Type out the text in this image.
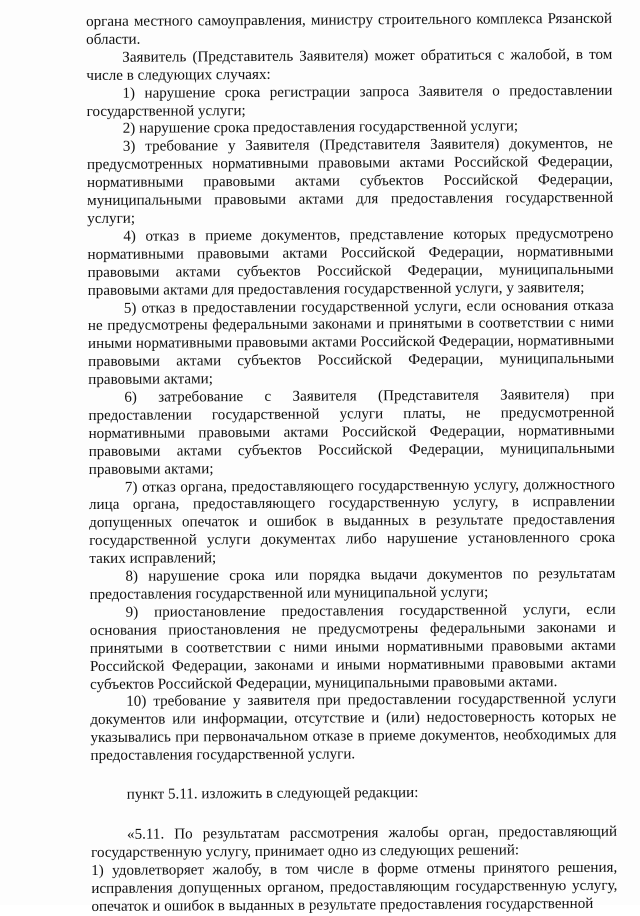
органа местного самоуправления, министру строительного комплекса Рязанской области.

Заявитель (Представитель Заявителя) может обратиться с жалобой, в том числе в следующих случаях:

1) нарушение срока регистрации запроса Заявителя о предоставлении государственной услуги;

2) нарушение срока предоставления государственной услуги;

3) требование у Заявителя (Представителя Заявителя) документов, не предусмотренных нормативными правовыми актами Российской Федерации, нормативными правовыми актами субъектов Российской Федерации, муниципальными правовыми актами для предоставления государственной услуги;

4) отказ в приеме документов, представление которых предусмотрено нормативными правовыми актами Российской Федерации, нормативными правовыми актами субъектов Российской Федерации, муниципальными правовыми актами для предоставления государственной услуги, у заявителя;

5) отказ в предоставлении государственной услуги, если основания отказа не предусмотрены федеральными законами и принятыми в соответствии с ними иными нормативными правовыми актами Российской Федерации, нормативными правовыми актами субъектов Российской Федерации, муниципальными правовыми актами;

6) затребование с Заявителя (Представителя Заявителя) при предоставлении государственной услуги платы, не предусмотренной нормативными правовыми актами Российской Федерации, нормативными правовыми актами субъектов Российской Федерации, муниципальными правовыми актами;

7) отказ органа, предоставляющего государственную услугу, должностного лица органа, предоставляющего государственную услугу, в исправлении допущенных опечаток и ошибок в выданных в результате предоставления государственной услуги документах либо нарушение установленного срока таких исправлений;

8) нарушение срока или порядка выдачи документов по результатам предоставления государственной или муниципальной услуги;

9) приостановление предоставления государственной услуги, если основания приостановления не предусмотрены федеральными законами и принятыми в соответствии с ними иными нормативными правовыми актами Российской Федерации, законами и иными нормативными правовыми актами субъектов Российской Федерации, муниципальными правовыми актами.

10) требование у заявителя при предоставлении государственной услуги документов или информации, отсутствие и (или) недостоверность которых не указывались при первоначальном отказе в приеме документов, необходимых для предоставления государственной услуги.

пункт 5.11. изложить в следующей редакции:

«5.11. По результатам рассмотрения жалобы орган, предоставляющий государственную услугу, принимает одно из следующих решений:

1) удовлетворяет жалобу, в том числе в форме отмены принятого решения, исправления допущенных органом, предоставляющим государственную услугу, опечаток и ошибок в выданных в результате предоставления государственной
